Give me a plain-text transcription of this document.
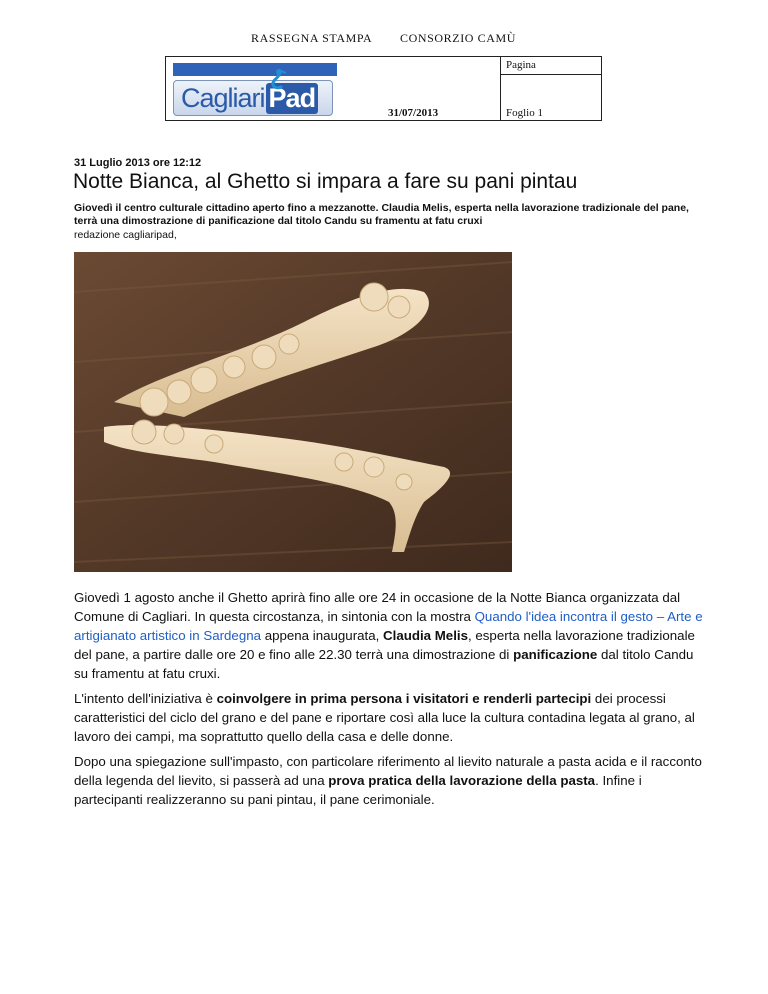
RASSEGNA STAMPA CONSORZIO CAMÙ
Cagliari Pad
Pagina
31/07/2013	Foglio 1
31 Luglio 2013 ore 12:12
Notte Bianca, al Ghetto si impara a fare su pani pintau
Giovedì il centro culturale cittadino aperto fino a mezzanotte. Claudia Melis, esperta nella lavorazione tradizionale del pane, terrà una dimostrazione di panificazione dal titolo Candu su framentu at fatu cruxi
redazione cagliaripad,

Giovedì 1 agosto anche il Ghetto aprirà fino alle ore 24 in occasione de la Notte Bianca organizzata dal Comune di Cagliari. In questa circostanza, in sintonia con la mostra Quando l'idea incontra il gesto – Arte e artigianato artistico in Sardegna appena inaugurata, Claudia Melis, esperta nella lavorazione tradizionale del pane, a partire dalle ore 20 e fino alle 22.30 terrà una dimostrazione di panificazione dal titolo Candu su framentu at fatu cruxi.

L'intento dell'iniziativa è coinvolgere in prima persona i visitatori e renderli partecipi dei processi caratteristici del ciclo del grano e del pane e riportare così alla luce la cultura contadina legata al grano, al lavoro dei campi, ma soprattutto quello della casa e delle donne.

Dopo una spiegazione sull'impasto, con particolare riferimento al lievito naturale a pasta acida e il racconto della legenda del lievito, si passerà ad una prova pratica della lavorazione della pasta. Infine i partecipanti realizzeranno su pani pintau, il pane cerimoniale.
